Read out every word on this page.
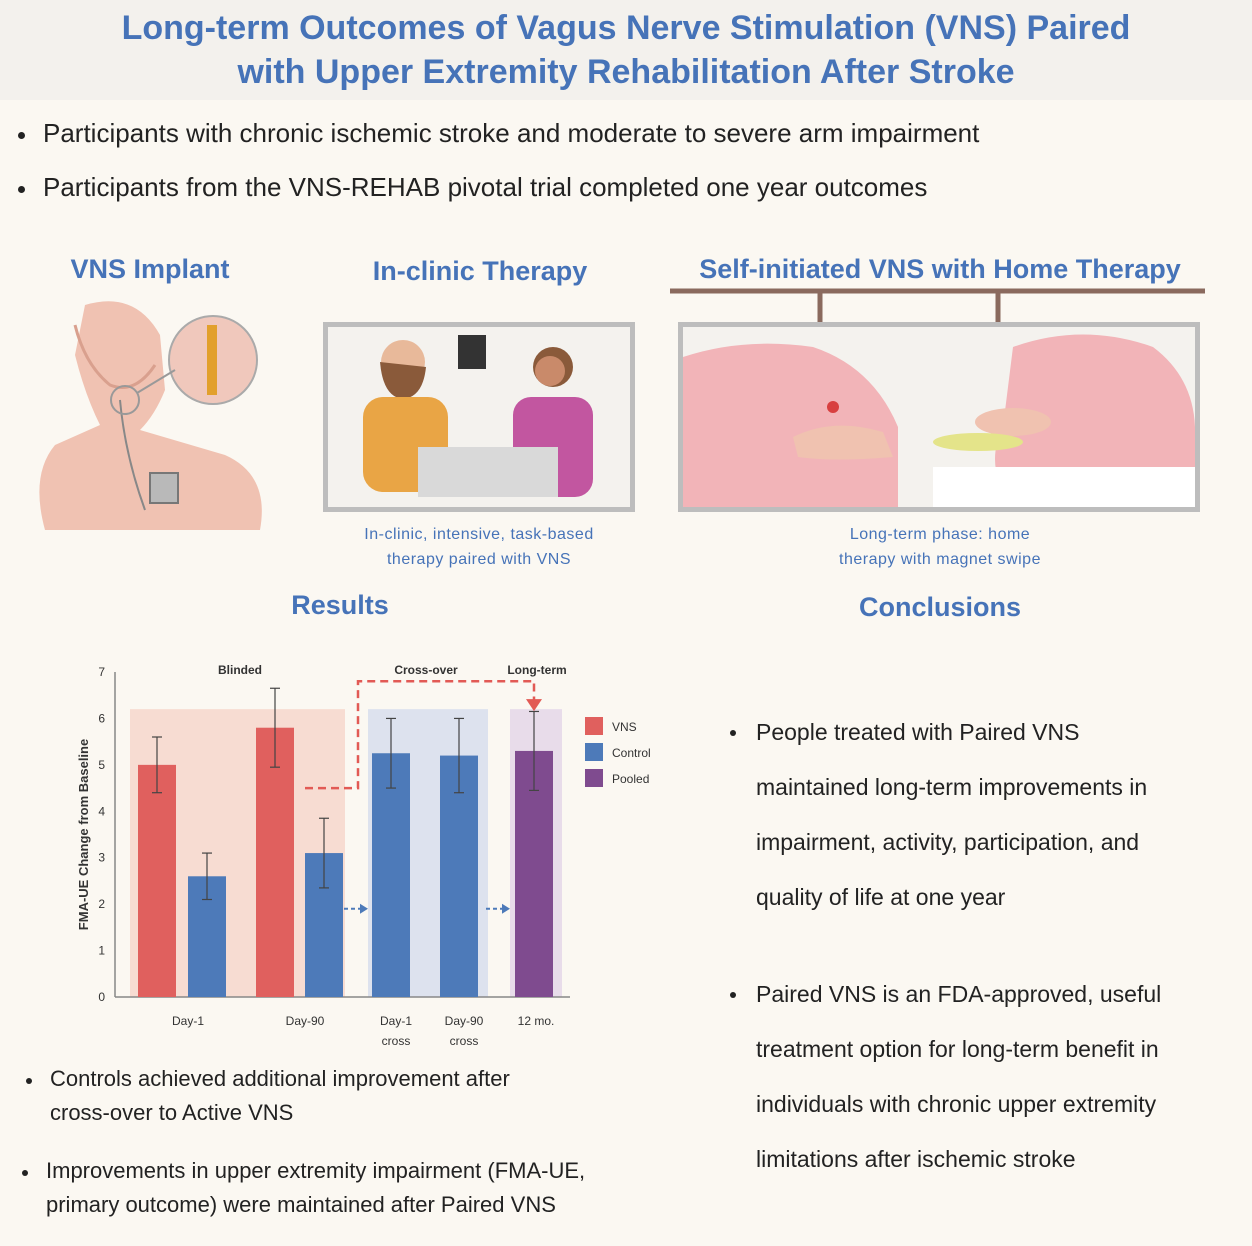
Long-term Outcomes of Vagus Nerve Stimulation (VNS) Paired
with Upper Extremity Rehabilitation After Stroke
Participants with chronic ischemic stroke and moderate to severe arm impairment
Participants from the VNS-REHAB pivotal trial completed one year outcomes
VNS Implant	In-clinic Therapy	Self-initiated VNS with Home Therapy
In-clinic, intensive, task-based
therapy paired with VNS
Long-term phase: home
therapy with magnet swipe
Results	Conclusions
0
1
2
3
4
5
6
7
FMA-UE Change from Baseline
Blinded	Cross-over	Long-term
Day-1	Day-90	Day-1
cross
Day-90
cross
12 mo.
VNS
Control
Pooled
Controls achieved additional improvement after
cross-over to Active VNS
Improvements in upper extremity impairment (FMA-UE,
primary outcome) were maintained after Paired VNS
People treated with Paired VNS
maintained long-term improvements in
impairment, activity, participation, and
quality of life at one year
Paired VNS is an FDA-approved, useful
treatment option for long-term benefit in
individuals with chronic upper extremity
limitations after ischemic stroke
